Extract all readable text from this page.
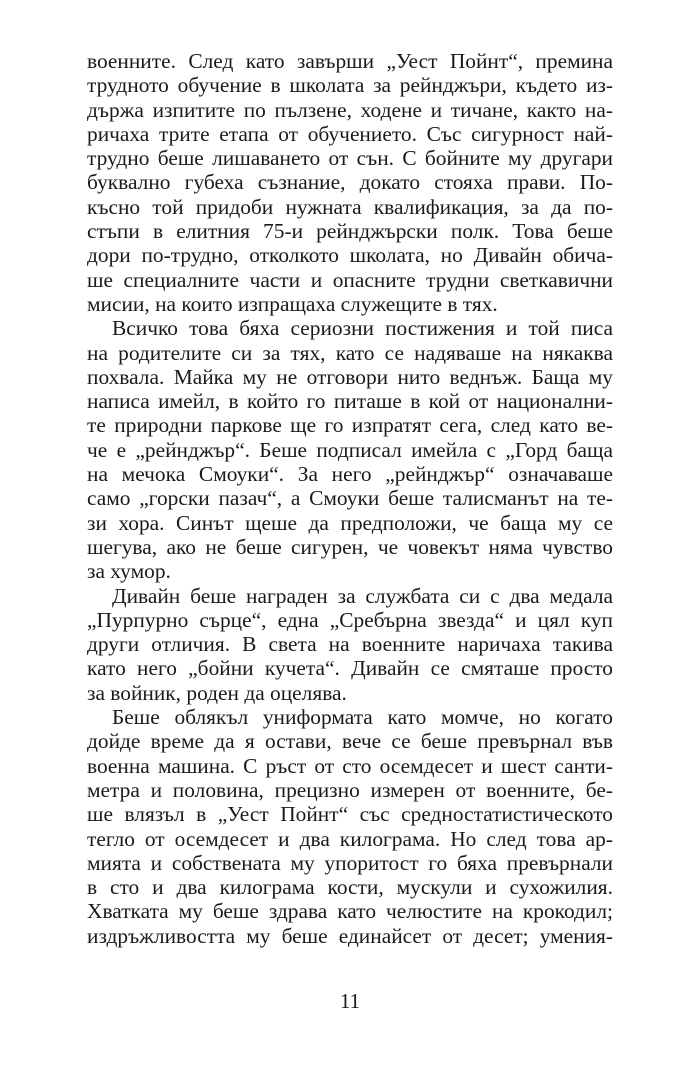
военните. След като завърши „Уест Пойнт“, премина
трудното обучение в школата за рейнджъри, където из-
държа изпитите по пълзене, ходене и тичане, както на-
ричаха трите етапа от обучението. Със сигурност най-
трудно беше лишаването от сън. С бойните му другари
буквално губеха съзнание, докато стояха прави. По-
късно той придоби нужната квалификация, за да по-
стъпи в елитния 75-и рейнджърски полк. Това беше
дори по-трудно, отколкото школата, но Дивайн обича-
ше специалните части и опасните трудни светкавични
мисии, на които изпращаха служещите в тях.
Всичко това бяха сериозни постижения и той писа
на родителите си за тях, като се надяваше на някаква
похвала. Майка му не отговори нито веднъж. Баща му
написа имейл, в който го питаше в кой от национални-
те природни паркове ще го изпратят сега, след като ве-
че е „рейнджър“. Беше подписал имейла с „Горд баща
на мечока Смоуки“. За него „рейнджър“ означаваше
само „горски пазач“, а Смоуки беше талисманът на те-
зи хора. Синът щеше да предположи, че баща му се
шегува, ако не беше сигурен, че човекът няма чувство
за хумор.
Дивайн беше награден за службата си с два медала
„Пурпурно сърце“, една „Сребърна звезда“ и цял куп
други отличия. В света на военните наричаха такива
като него „бойни кучета“. Дивайн се смяташе просто
за войник, роден да оцелява.
Беше облякъл униформата като момче, но когато
дойде време да я остави, вече се беше превърнал във
военна машина. С ръст от сто осемдесет и шест санти-
метра и половина, прецизно измерен от военните, бе-
ше влязъл в „Уест Пойнт“ със средностатистическото
тегло от осемдесет и два килограма. Но след това ар-
мията и собствената му упоритост го бяха превърнали
в сто и два килограма кости, мускули и сухожилия.
Хватката му беше здрава като челюстите на крокодил;
издръжливостта му беше единайсет от десет; умения-
11
